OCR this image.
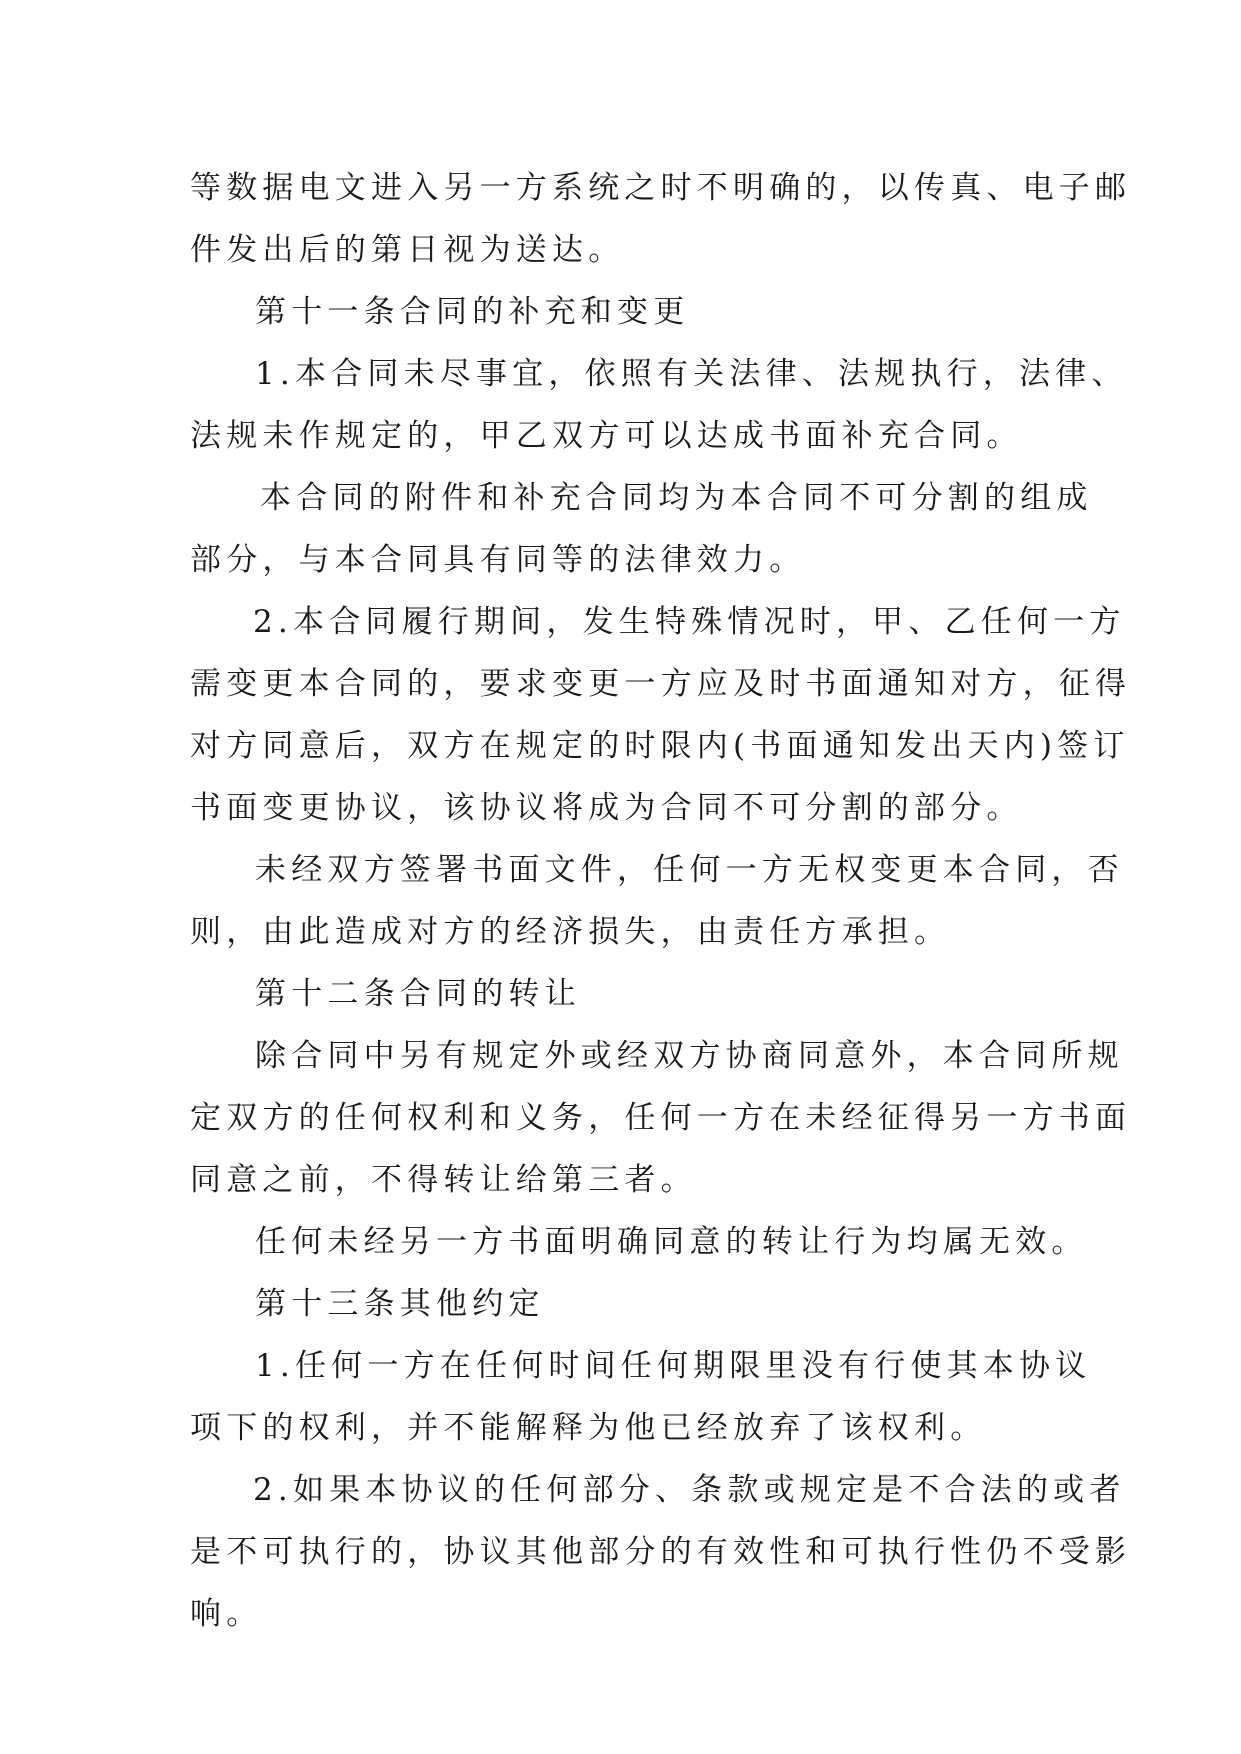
等数据电文进入另一方系统之时不明确的，以传真、电子邮
件发出后的第日视为送达。
第十一条合同的补充和变更
1.本合同未尽事宜，依照有关法律、法规执行，法律、
法规未作规定的，甲乙双方可以达成书面补充合同。
本合同的附件和补充合同均为本合同不可分割的组成
部分，与本合同具有同等的法律效力。
2.本合同履行期间，发生特殊情况时，甲、乙任何一方
需变更本合同的，要求变更一方应及时书面通知对方，征得
对方同意后，双方在规定的时限内(书面通知发出天内)签订
书面变更协议，该协议将成为合同不可分割的部分。
未经双方签署书面文件，任何一方无权变更本合同，否
则，由此造成对方的经济损失，由责任方承担。
第十二条合同的转让
除合同中另有规定外或经双方协商同意外，本合同所规
定双方的任何权利和义务，任何一方在未经征得另一方书面
同意之前，不得转让给第三者。
任何未经另一方书面明确同意的转让行为均属无效。
第十三条其他约定
1.任何一方在任何时间任何期限里没有行使其本协议
项下的权利，并不能解释为他已经放弃了该权利。
2.如果本协议的任何部分、条款或规定是不合法的或者
是不可执行的，协议其他部分的有效性和可执行性仍不受影
响。
